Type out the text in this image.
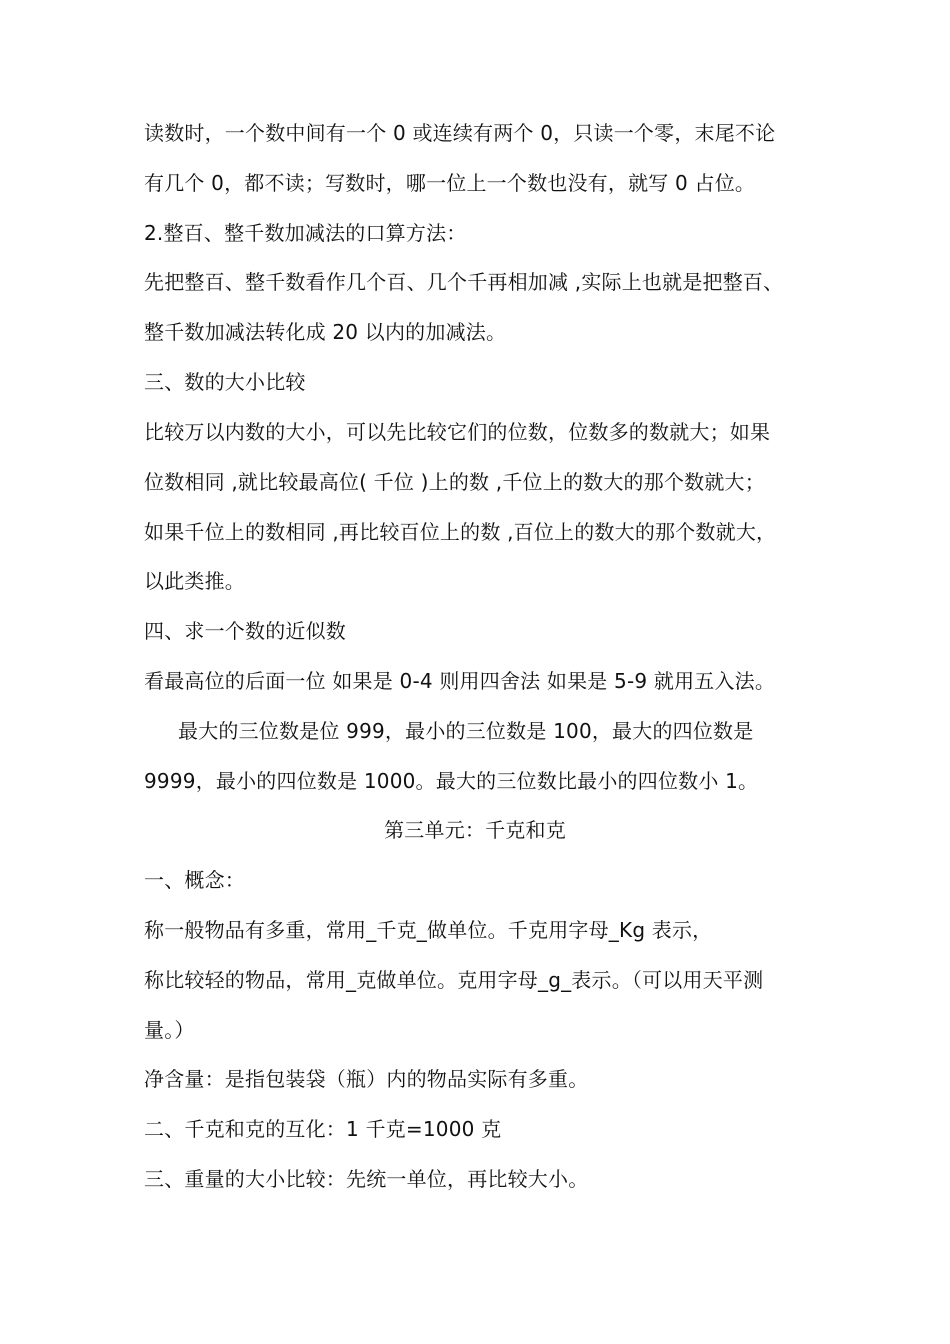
读数时，一个数中间有一个 0 或连续有两个 0，只读一个零，末尾不论
有几个 0，都不读；写数时，哪一位上一个数也没有，就写 0 占位。
2.整百、整千数加减法的口算方法：
先把整百、整千数看作几个百、几个千再相加减 ,实际上也就是把整百、
整千数加减法转化成 20 以内的加减法。
三、数的大小比较
比较万以内数的大小，可以先比较它们的位数，位数多的数就大；如果
位数相同 ,就比较最高位( 千位 )上的数 ,千位上的数大的那个数就大；
如果千位上的数相同 ,再比较百位上的数 ,百位上的数大的那个数就大，
以此类推。
四、求一个数的近似数
看最高位的后面一位 如果是 0-4 则用四舍法 如果是 5-9 就用五入法。
最大的三位数是位 999，最小的三位数是 100，最大的四位数是
9999，最小的四位数是 1000。最大的三位数比最小的四位数小 1。
第三单元：千克和克
一、概念：
称一般物品有多重，常用_千克_做单位。千克用字母_Kg 表示，
称比较轻的物品，常用_克做单位。克用字母_g_表示。（可以用天平测
量。）
净含量：是指包装袋（瓶）内的物品实际有多重。
二、千克和克的互化：1 千克=1000 克
三、重量的大小比较：先统一单位，再比较大小。
